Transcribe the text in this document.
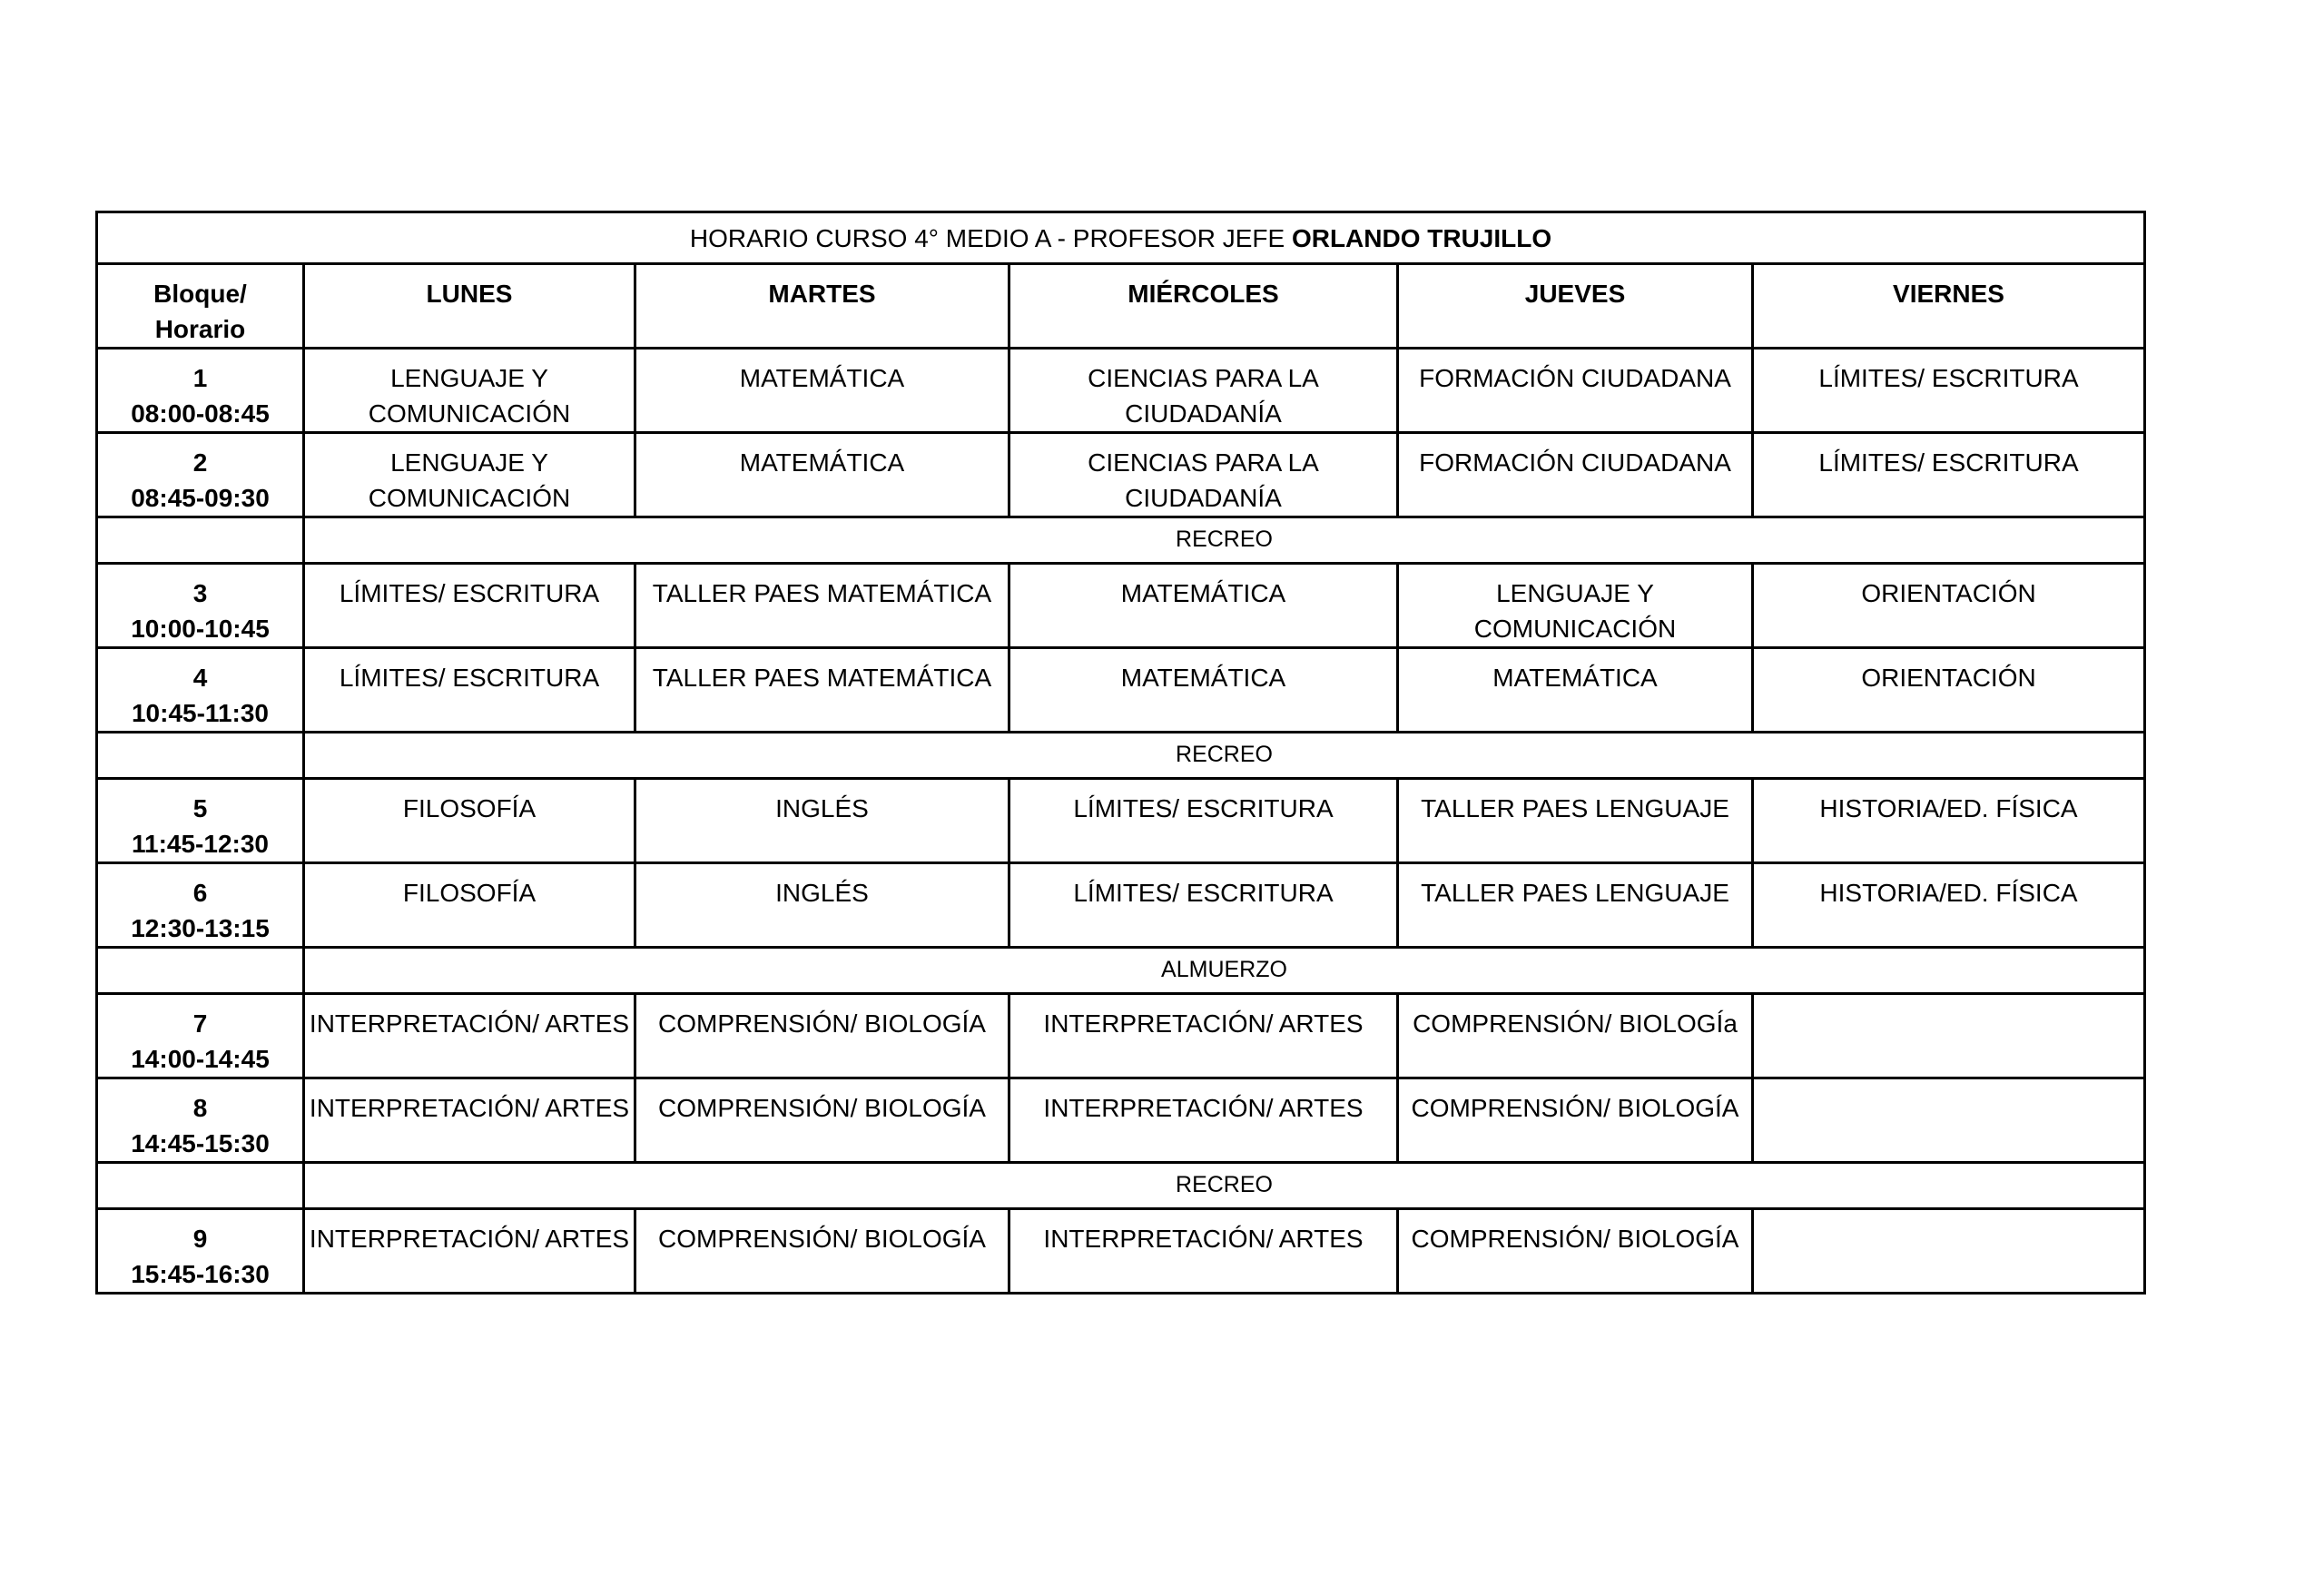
HORARIO CURSO 4° MEDIO A - PROFESOR JEFE ORLANDO TRUJILLO					

Bloque/ Horario	LUNES	MARTES	MIÉRCOLES	JUEVES	VIERNES

1
08:00-08:45	LENGUAJE Y COMUNICACIÓN	MATEMÁTICA	CIENCIAS PARA LA CIUDADANÍA	FORMACIÓN CIUDADANA	LÍMITES/ ESCRITURA

2
08:45-09:30	LENGUAJE Y COMUNICACIÓN	MATEMÁTICA	CIENCIAS PARA LA CIUDADANÍA	FORMACIÓN CIUDADANA	LÍMITES/ ESCRITURA
	RECREO				

3
10:00-10:45	LÍMITES/ ESCRITURA	TALLER PAES MATEMÁTICA	MATEMÁTICA	LENGUAJE Y COMUNICACIÓN	ORIENTACIÓN

4
10:45-11:30	LÍMITES/ ESCRITURA	TALLER PAES MATEMÁTICA	MATEMÁTICA	MATEMÁTICA	ORIENTACIÓN
	RECREO				

5
11:45-12:30	FILOSOFÍA	INGLÉS	LÍMITES/ ESCRITURA	TALLER PAES LENGUAJE	HISTORIA/ED. FÍSICA

6
12:30-13:15	FILOSOFÍA	INGLÉS	LÍMITES/ ESCRITURA	TALLER PAES LENGUAJE	HISTORIA/ED. FÍSICA
	ALMUERZO				

7
14:00-14:45	INTERPRETACIÓN/ ARTES	COMPRENSIÓN/ BIOLOGÍA	INTERPRETACIÓN/ ARTES	COMPRENSIÓN/ BIOLOGÍa	

8
14:45-15:30	INTERPRETACIÓN/ ARTES	COMPRENSIÓN/ BIOLOGÍA	INTERPRETACIÓN/ ARTES	COMPRENSIÓN/ BIOLOGÍA	
	RECREO				

9
15:45-16:30	INTERPRETACIÓN/ ARTES	COMPRENSIÓN/ BIOLOGÍA	INTERPRETACIÓN/ ARTES	COMPRENSIÓN/ BIOLOGÍA	
